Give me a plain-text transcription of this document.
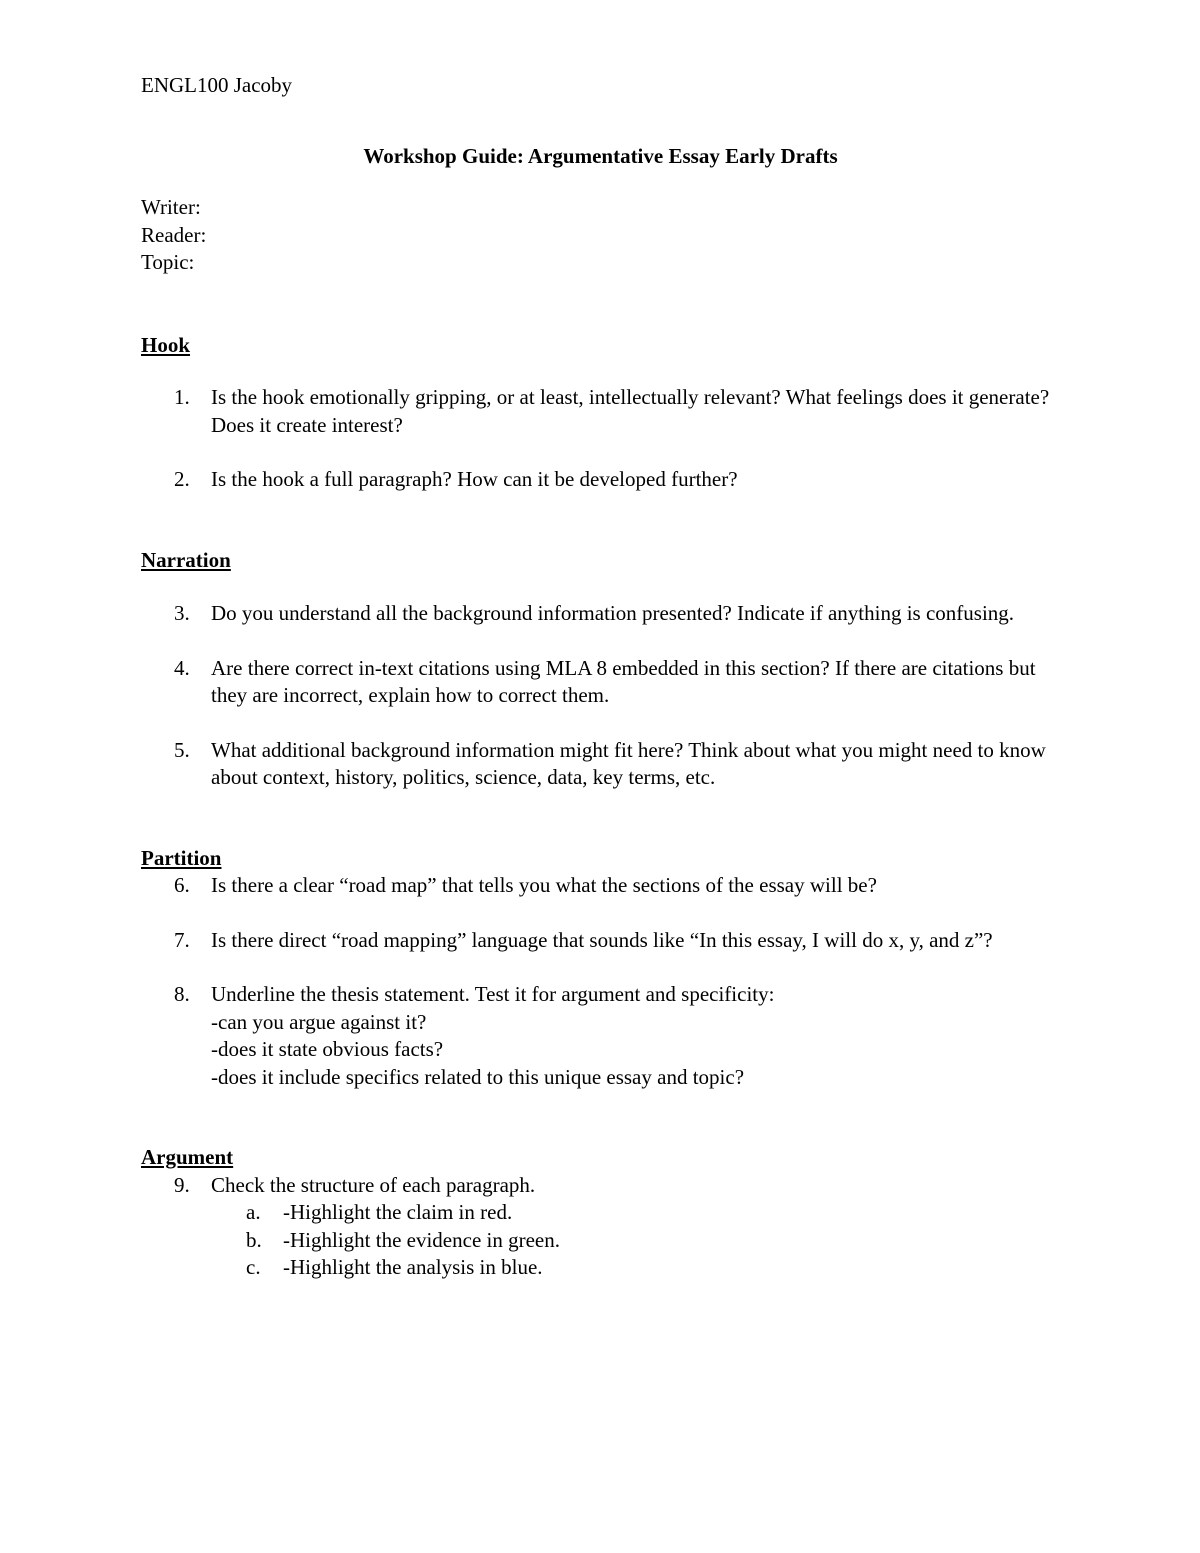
ENGL100 Jacoby

Workshop Guide: Argumentative Essay Early Drafts

Writer:

Reader:

Topic:

Hook

1. Is the hook emotionally gripping, or at least, intellectually relevant? What feelings does it generate? Does it create interest?
2. Is the hook a full paragraph? How can it be developed further?

Narration

3. Do you understand all the background information presented? Indicate if anything is confusing.
4. Are there correct in-text citations using MLA 8 embedded in this section? If there are citations but they are incorrect, explain how to correct them.
5. What additional background information might fit here? Think about what you might need to know about context, history, politics, science, data, key terms, etc.

Partition

6. Is there a clear “road map” that tells you what the sections of the essay will be?
7. Is there direct “road mapping” language that sounds like “In this essay, I will do x, y, and z”?
8. Underline the thesis statement. Test it for argument and specificity:
-can you argue against it?
-does it state obvious facts?
-does it include specifics related to this unique essay and topic?

Argument

9. Check the structure of each paragraph.
a. -Highlight the claim in red.
b. -Highlight the evidence in green.
c. -Highlight the analysis in blue.
